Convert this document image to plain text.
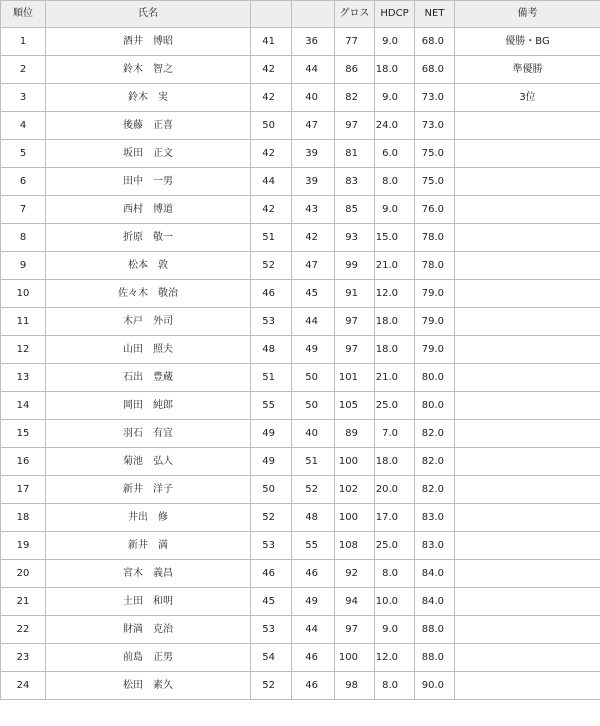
順位	氏名			グロス	HDCP	NET	備考
1	酒井　博昭	41	36	77	9.0	68.0	優勝・BG
2	鈴木　智之	42	44	86	18.0	68.0	準優勝
3	鈴木　実	42	40	82	9.0	73.0	3位
4	後藤　正喜	50	47	97	24.0	73.0	
5	坂田　正文	42	39	81	6.0	75.0	
6	田中　一男	44	39	83	8.0	75.0	
7	西村　博道	42	43	85	9.0	76.0	
8	折原　敬一	51	42	93	15.0	78.0	
9	松本　敦	52	47	99	21.0	78.0	
10	佐々木　敬治	46	45	91	12.0	79.0	
11	木戸　外司	53	44	97	18.0	79.0	
12	山田　照夫	48	49	97	18.0	79.0	
13	石出　豊蔵	51	50	101	21.0	80.0	
14	岡田　純郎	55	50	105	25.0	80.0	
15	羽石　有宜	49	40	89	7.0	82.0	
16	菊池　弘人	49	51	100	18.0	82.0	
17	新井　洋子	50	52	102	20.0	82.0	
18	井出　修	52	48	100	17.0	83.0	
19	新井　満	53	55	108	25.0	83.0	
20	宮木　義昌	46	46	92	8.0	84.0	
21	土田　和明	45	49	94	10.0	84.0	
22	財満　克治	53	44	97	9.0	88.0	
23	前島　正男	54	46	100	12.0	88.0	
24	松田　素久	52	46	98	8.0	90.0	
